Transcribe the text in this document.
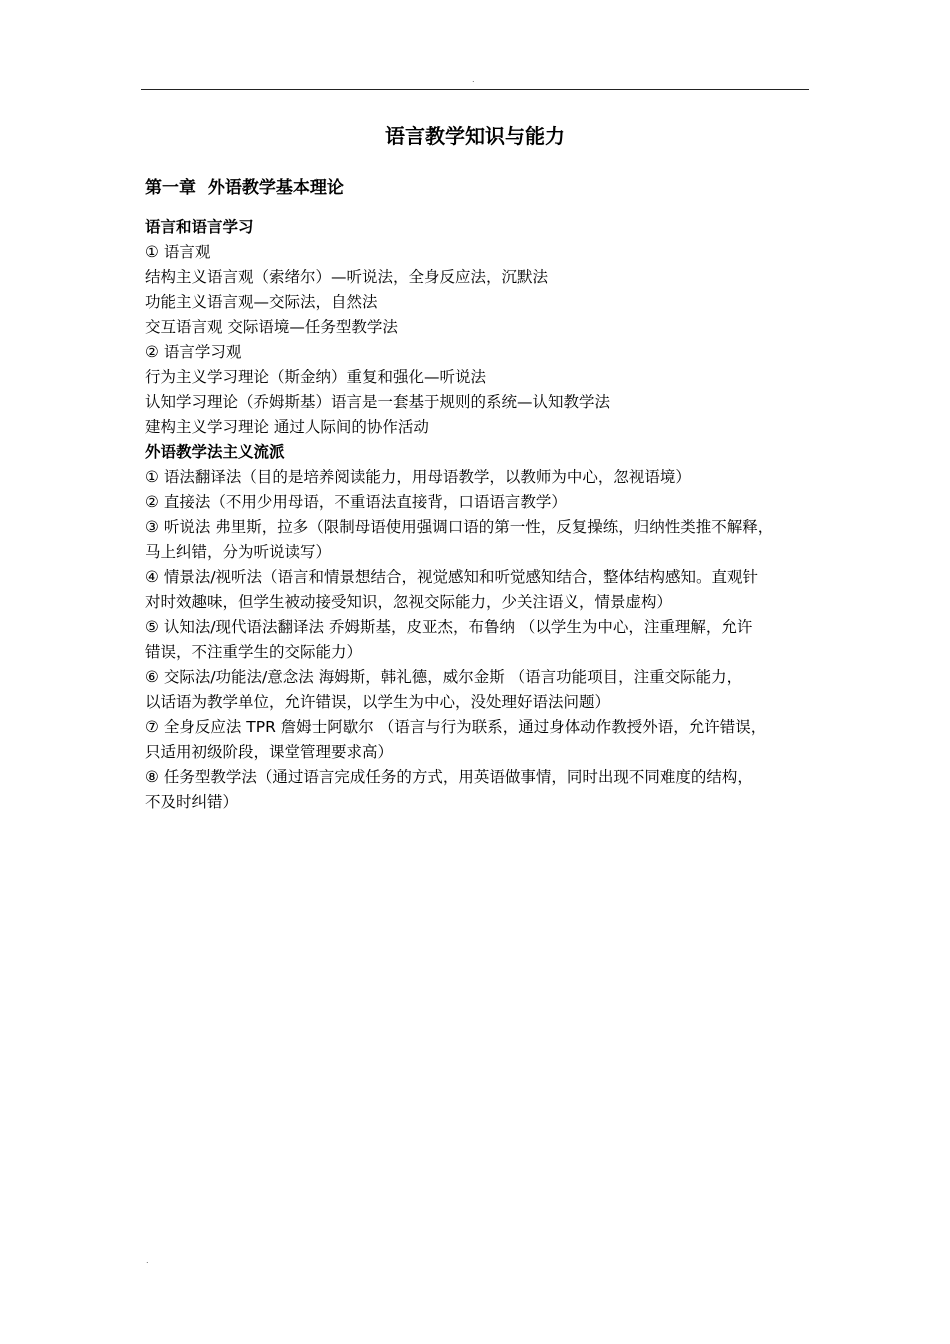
.
语言教学知识与能力
第一章  外语教学基本理论
语言和语言学习
① 语言观
结构主义语言观（索绪尔）—听说法，全身反应法，沉默法
功能主义语言观—交际法，自然法
交互语言观 交际语境—任务型教学法
② 语言学习观
行为主义学习理论（斯金纳）重复和强化—听说法
认知学习理论（乔姆斯基）语言是一套基于规则的系统—认知教学法
建构主义学习理论 通过人际间的协作活动
外语教学法主义流派
① 语法翻译法（目的是培养阅读能力，用母语教学，以教师为中心，忽视语境）
② 直接法（不用少用母语，不重语法直接背，口语语言教学）
③ 听说法 弗里斯，拉多（限制母语使用强调口语的第一性，反复操练，归纳性类推不解释，
马上纠错，分为听说读写）
④ 情景法/视听法（语言和情景想结合，视觉感知和听觉感知结合，整体结构感知。直观针
对时效趣味，但学生被动接受知识，忽视交际能力，少关注语义，情景虚构）
⑤ 认知法/现代语法翻译法 乔姆斯基，皮亚杰，布鲁纳 （以学生为中心，注重理解，允许
错误，不注重学生的交际能力）
⑥ 交际法/功能法/意念法 海姆斯，韩礼德，威尔金斯 （语言功能项目，注重交际能力，
以话语为教学单位，允许错误，以学生为中心，没处理好语法问题）
⑦ 全身反应法 TPR 詹姆士阿歇尔 （语言与行为联系，通过身体动作教授外语，允许错误，
只适用初级阶段，课堂管理要求高）
⑧ 任务型教学法（通过语言完成任务的方式，用英语做事情，同时出现不同难度的结构，
不及时纠错）
.
